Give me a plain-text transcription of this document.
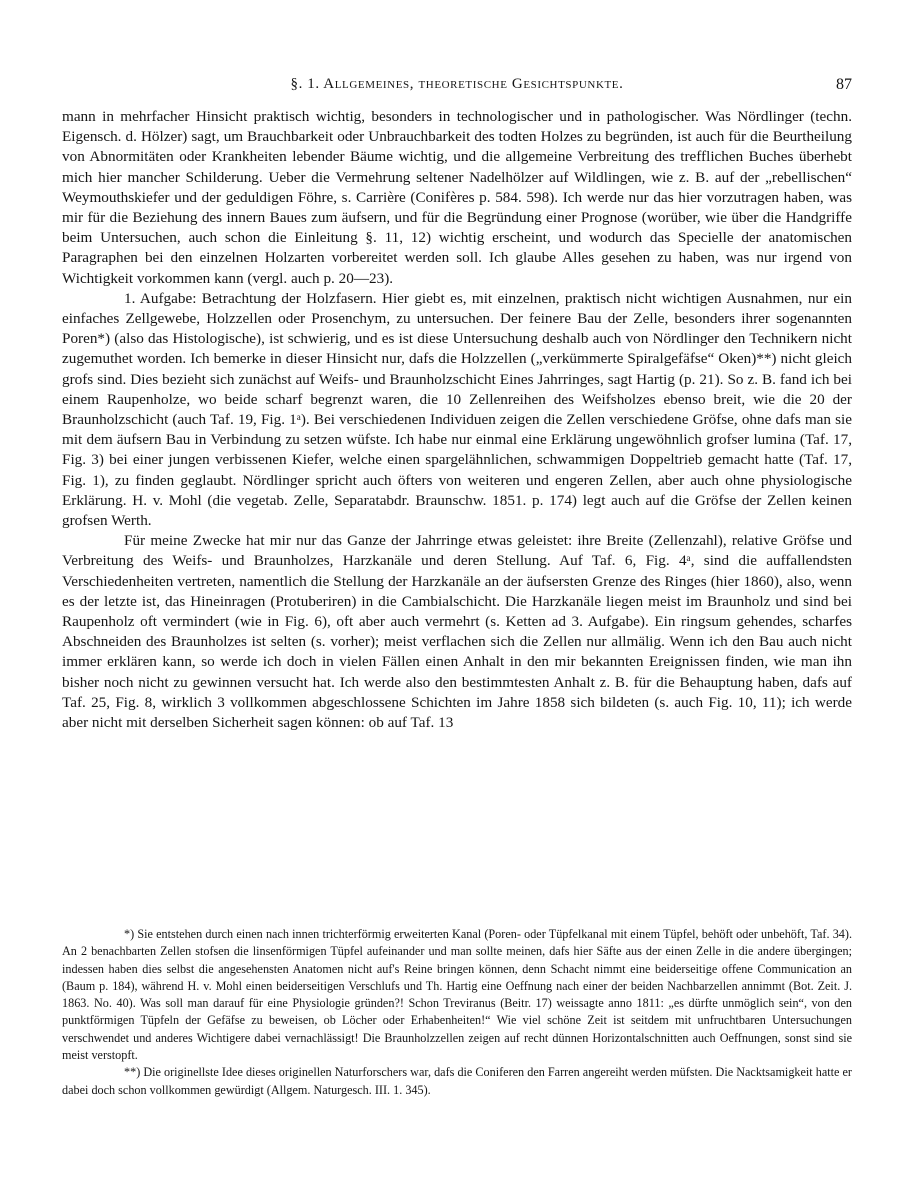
§. 1. Allgemeines, theoretische Gesichtspunkte.	87

mann in mehrfacher Hinsicht praktisch wichtig, besonders in technologischer und in pathologischer. Was Nördlinger (techn. Eigensch. d. Hölzer) sagt, um Brauchbarkeit oder Unbrauchbarkeit des todten Holzes zu begründen, ist auch für die Beurtheilung von Abnormitäten oder Krankheiten lebender Bäume wichtig, und die allgemeine Verbreitung des trefflichen Buches überhebt mich hier mancher Schilderung. Ueber die Vermehrung seltener Nadelhölzer auf Wildlingen, wie z. B. auf der „rebellischen“ Weymouthskiefer und der geduldigen Föhre, s. Carrière (Conifères p. 584. 598). Ich werde nur das hier vorzutragen haben, was mir für die Beziehung des innern Baues zum äufsern, und für die Begründung einer Prognose (worüber, wie über die Handgriffe beim Untersuchen, auch schon die Einleitung §. 11, 12) wichtig erscheint, und wodurch das Specielle der anatomischen Paragraphen bei den einzelnen Holzarten vorbereitet werden soll. Ich glaube Alles gesehen zu haben, was nur irgend von Wichtigkeit vorkommen kann (vergl. auch p. 20—23).

1. Aufgabe: Betrachtung der Holzfasern. Hier giebt es, mit einzelnen, praktisch nicht wichtigen Ausnahmen, nur ein einfaches Zellgewebe, Holzzellen oder Prosenchym, zu untersuchen. Der feinere Bau der Zelle, besonders ihrer sogenannten Poren*) (also das Histologische), ist schwierig, und es ist diese Untersuchung deshalb auch von Nördlinger den Technikern nicht zugemuthet worden. Ich bemerke in dieser Hinsicht nur, dafs die Holzzellen („verkümmerte Spiralgefäfse“ Oken)**) nicht gleich grofs sind. Dies bezieht sich zunächst auf Weifs- und Braunholzschicht Eines Jahrringes, sagt Hartig (p. 21). So z. B. fand ich bei einem Raupenholze, wo beide scharf begrenzt waren, die 10 Zellenreihen des Weifsholzes ebenso breit, wie die 20 der Braunholzschicht (auch Taf. 19, Fig. 1ᵃ). Bei verschiedenen Individuen zeigen die Zellen verschiedene Gröfse, ohne dafs man sie mit dem äufsern Bau in Verbindung zu setzen wüfste. Ich habe nur einmal eine Erklärung ungewöhnlich grofser lumina (Taf. 17, Fig. 3) bei einer jungen verbissenen Kiefer, welche einen spargelähnlichen, schwammigen Doppeltrieb gemacht hatte (Taf. 17, Fig. 1), zu finden geglaubt. Nördlinger spricht auch öfters von weiteren und engeren Zellen, aber auch ohne physiologische Erklärung. H. v. Mohl (die vegetab. Zelle, Separatabdr. Braunschw. 1851. p. 174) legt auch auf die Gröfse der Zellen keinen grofsen Werth.

Für meine Zwecke hat mir nur das Ganze der Jahrringe etwas geleistet: ihre Breite (Zellenzahl), relative Gröfse und Verbreitung des Weifs- und Braunholzes, Harzkanäle und deren Stellung. Auf Taf. 6, Fig. 4ᵃ, sind die auffallendsten Verschiedenheiten vertreten, namentlich die Stellung der Harzkanäle an der äufsersten Grenze des Ringes (hier 1860), also, wenn es der letzte ist, das Hineinragen (Protuberiren) in die Cambialschicht. Die Harzkanäle liegen meist im Braunholz und sind bei Raupenholz oft vermindert (wie in Fig. 6), oft aber auch vermehrt (s. Ketten ad 3. Aufgabe). Ein ringsum gehendes, scharfes Abschneiden des Braunholzes ist selten (s. vorher); meist verflachen sich die Zellen nur allmälig. Wenn ich den Bau auch nicht immer erklären kann, so werde ich doch in vielen Fällen einen Anhalt in den mir bekannten Ereignissen finden, wie man ihn bisher noch nicht zu gewinnen versucht hat. Ich werde also den bestimmtesten Anhalt z. B. für die Behauptung haben, dafs auf Taf. 25, Fig. 8, wirklich 3 vollkommen abgeschlossene Schichten im Jahre 1858 sich bildeten (s. auch Fig. 10, 11); ich werde aber nicht mit derselben Sicherheit sagen können: ob auf Taf. 13

*) Sie entstehen durch einen nach innen trichterförmig erweiterten Kanal (Poren- oder Tüpfelkanal mit einem Tüpfel, behöft oder unbehöft, Taf. 34). An 2 benachbarten Zellen stofsen die linsenförmigen Tüpfel aufeinander und man sollte meinen, dafs hier Säfte aus der einen Zelle in die andere übergingen; indessen haben dies selbst die angesehensten Anatomen nicht auf's Reine bringen können, denn Schacht nimmt eine beiderseitige offene Communication an (Baum p. 184), während H. v. Mohl einen beiderseitigen Verschlufs und Th. Hartig eine Oeffnung nach einer der beiden Nachbarzellen annimmt (Bot. Zeit. J. 1863. No. 40). Was soll man darauf für eine Physiologie gründen?! Schon Treviranus (Beitr. 17) weissagte anno 1811: „es dürfte unmöglich sein“, von den punktförmigen Tüpfeln der Gefäfse zu beweisen, ob Löcher oder Erhabenheiten!“ Wie viel schöne Zeit ist seitdem mit unfruchtbaren Untersuchungen verschwendet und anderes Wichtigere dabei vernachlässigt! Die Braunholzzellen zeigen auf recht dünnen Horizontalschnitten auch Oeffnungen, sonst sind sie meist verstopft.

**) Die originellste Idee dieses originellen Naturforschers war, dafs die Coniferen den Farren angereiht werden müfsten. Die Nacktsamigkeit hatte er dabei doch schon vollkommen gewürdigt (Allgem. Naturgesch. III. 1. 345).
